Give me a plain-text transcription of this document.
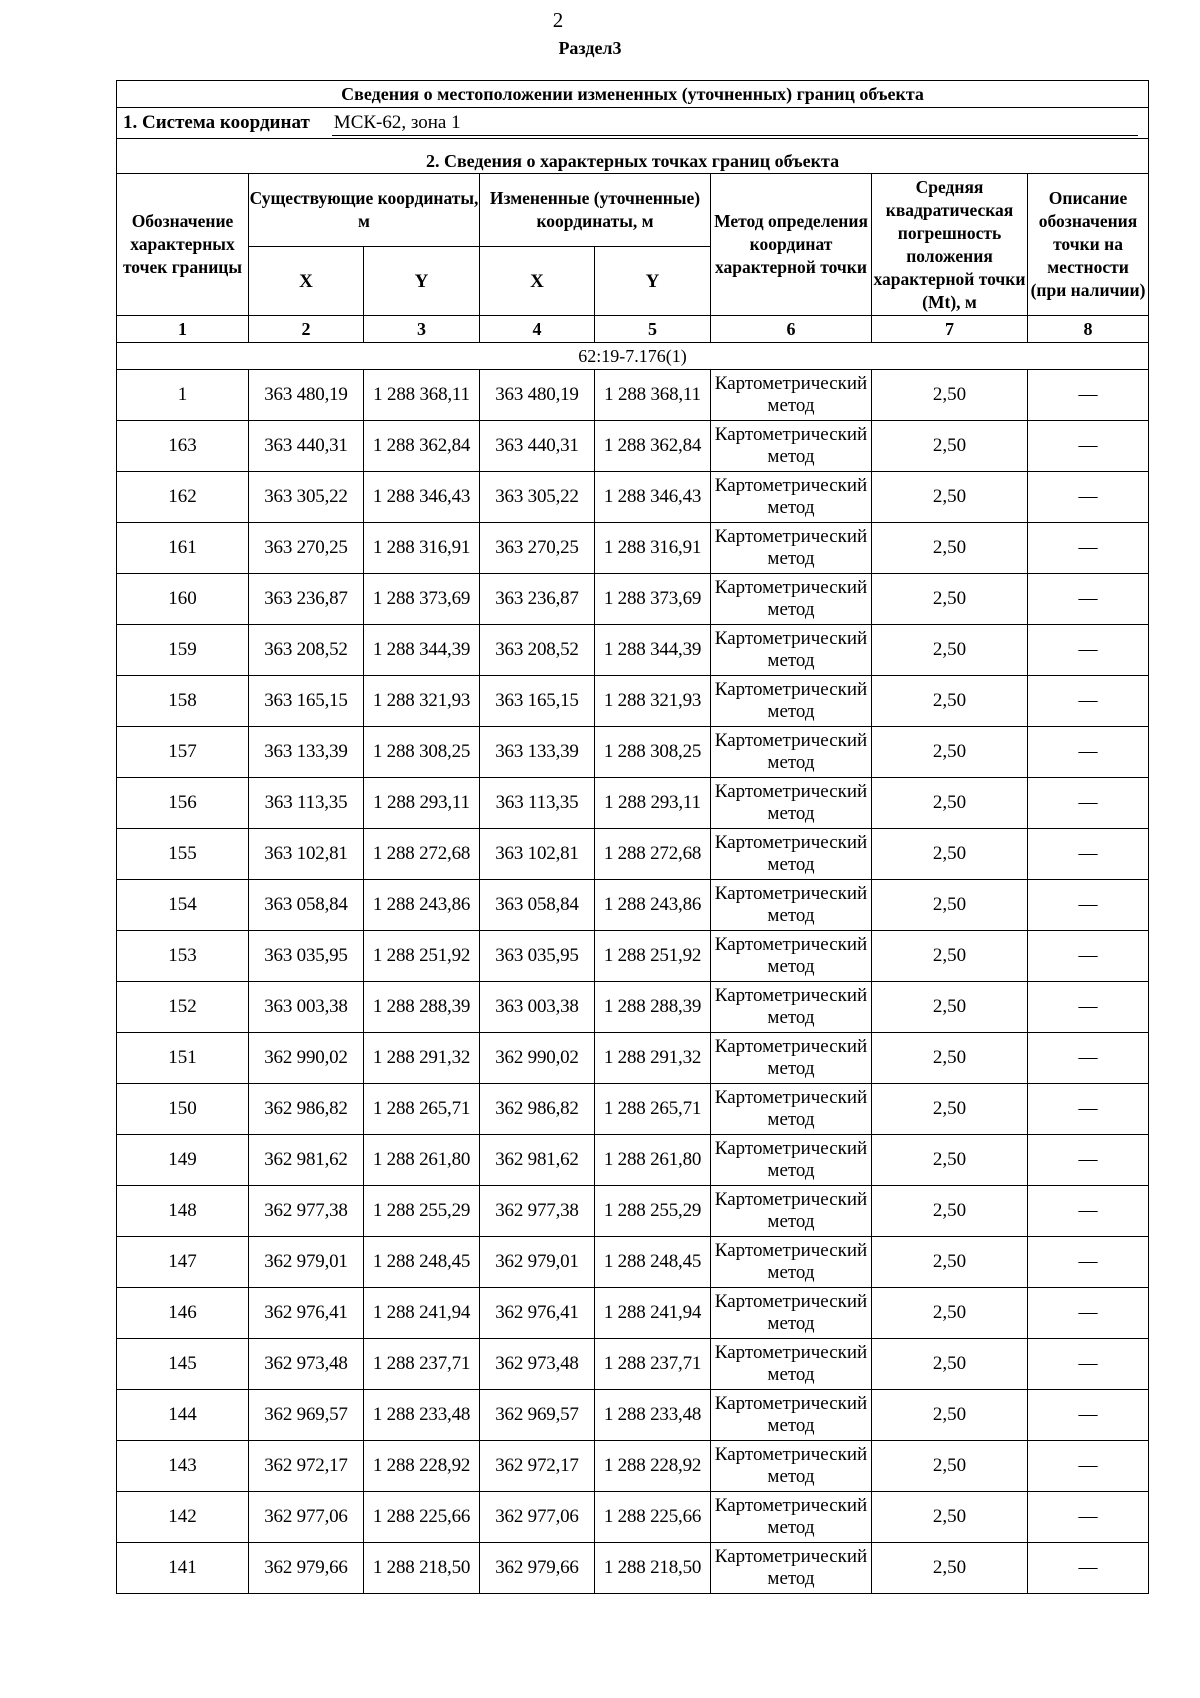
2
Раздел3
Сведения о местоположении измененных (уточненных) границ объекта							

1. Система координат МСК-62, зона 1							

2. Сведения о характерных точках границ объекта							
Обозначение характерных точек границы	Существующие координаты, м		Измененные (уточненные) координаты, м		Метод определения координат характерной точки	Средняя квадратическая погрешность положения характерной точки (Mt), м	Описание обозначения точки на местности (при наличии)
	X	Y	X	Y			
1	2	3	4	5	6	7	8
62:19-7.176(1)							
1	363 480,19	1 288 368,11	363 480,19	1 288 368,11	Картометрический метод	2,50	—
163	363 440,31	1 288 362,84	363 440,31	1 288 362,84	Картометрический метод	2,50	—
162	363 305,22	1 288 346,43	363 305,22	1 288 346,43	Картометрический метод	2,50	—
161	363 270,25	1 288 316,91	363 270,25	1 288 316,91	Картометрический метод	2,50	—
160	363 236,87	1 288 373,69	363 236,87	1 288 373,69	Картометрический метод	2,50	—
159	363 208,52	1 288 344,39	363 208,52	1 288 344,39	Картометрический метод	2,50	—
158	363 165,15	1 288 321,93	363 165,15	1 288 321,93	Картометрический метод	2,50	—
157	363 133,39	1 288 308,25	363 133,39	1 288 308,25	Картометрический метод	2,50	—
156	363 113,35	1 288 293,11	363 113,35	1 288 293,11	Картометрический метод	2,50	—
155	363 102,81	1 288 272,68	363 102,81	1 288 272,68	Картометрический метод	2,50	—
154	363 058,84	1 288 243,86	363 058,84	1 288 243,86	Картометрический метод	2,50	—
153	363 035,95	1 288 251,92	363 035,95	1 288 251,92	Картометрический метод	2,50	—
152	363 003,38	1 288 288,39	363 003,38	1 288 288,39	Картометрический метод	2,50	—
151	362 990,02	1 288 291,32	362 990,02	1 288 291,32	Картометрический метод	2,50	—
150	362 986,82	1 288 265,71	362 986,82	1 288 265,71	Картометрический метод	2,50	—
149	362 981,62	1 288 261,80	362 981,62	1 288 261,80	Картометрический метод	2,50	—
148	362 977,38	1 288 255,29	362 977,38	1 288 255,29	Картометрический метод	2,50	—
147	362 979,01	1 288 248,45	362 979,01	1 288 248,45	Картометрический метод	2,50	—
146	362 976,41	1 288 241,94	362 976,41	1 288 241,94	Картометрический метод	2,50	—
145	362 973,48	1 288 237,71	362 973,48	1 288 237,71	Картометрический метод	2,50	—
144	362 969,57	1 288 233,48	362 969,57	1 288 233,48	Картометрический метод	2,50	—
143	362 972,17	1 288 228,92	362 972,17	1 288 228,92	Картометрический метод	2,50	—
142	362 977,06	1 288 225,66	362 977,06	1 288 225,66	Картометрический метод	2,50	—
141	362 979,66	1 288 218,50	362 979,66	1 288 218,50	Картометрический метод	2,50	—
